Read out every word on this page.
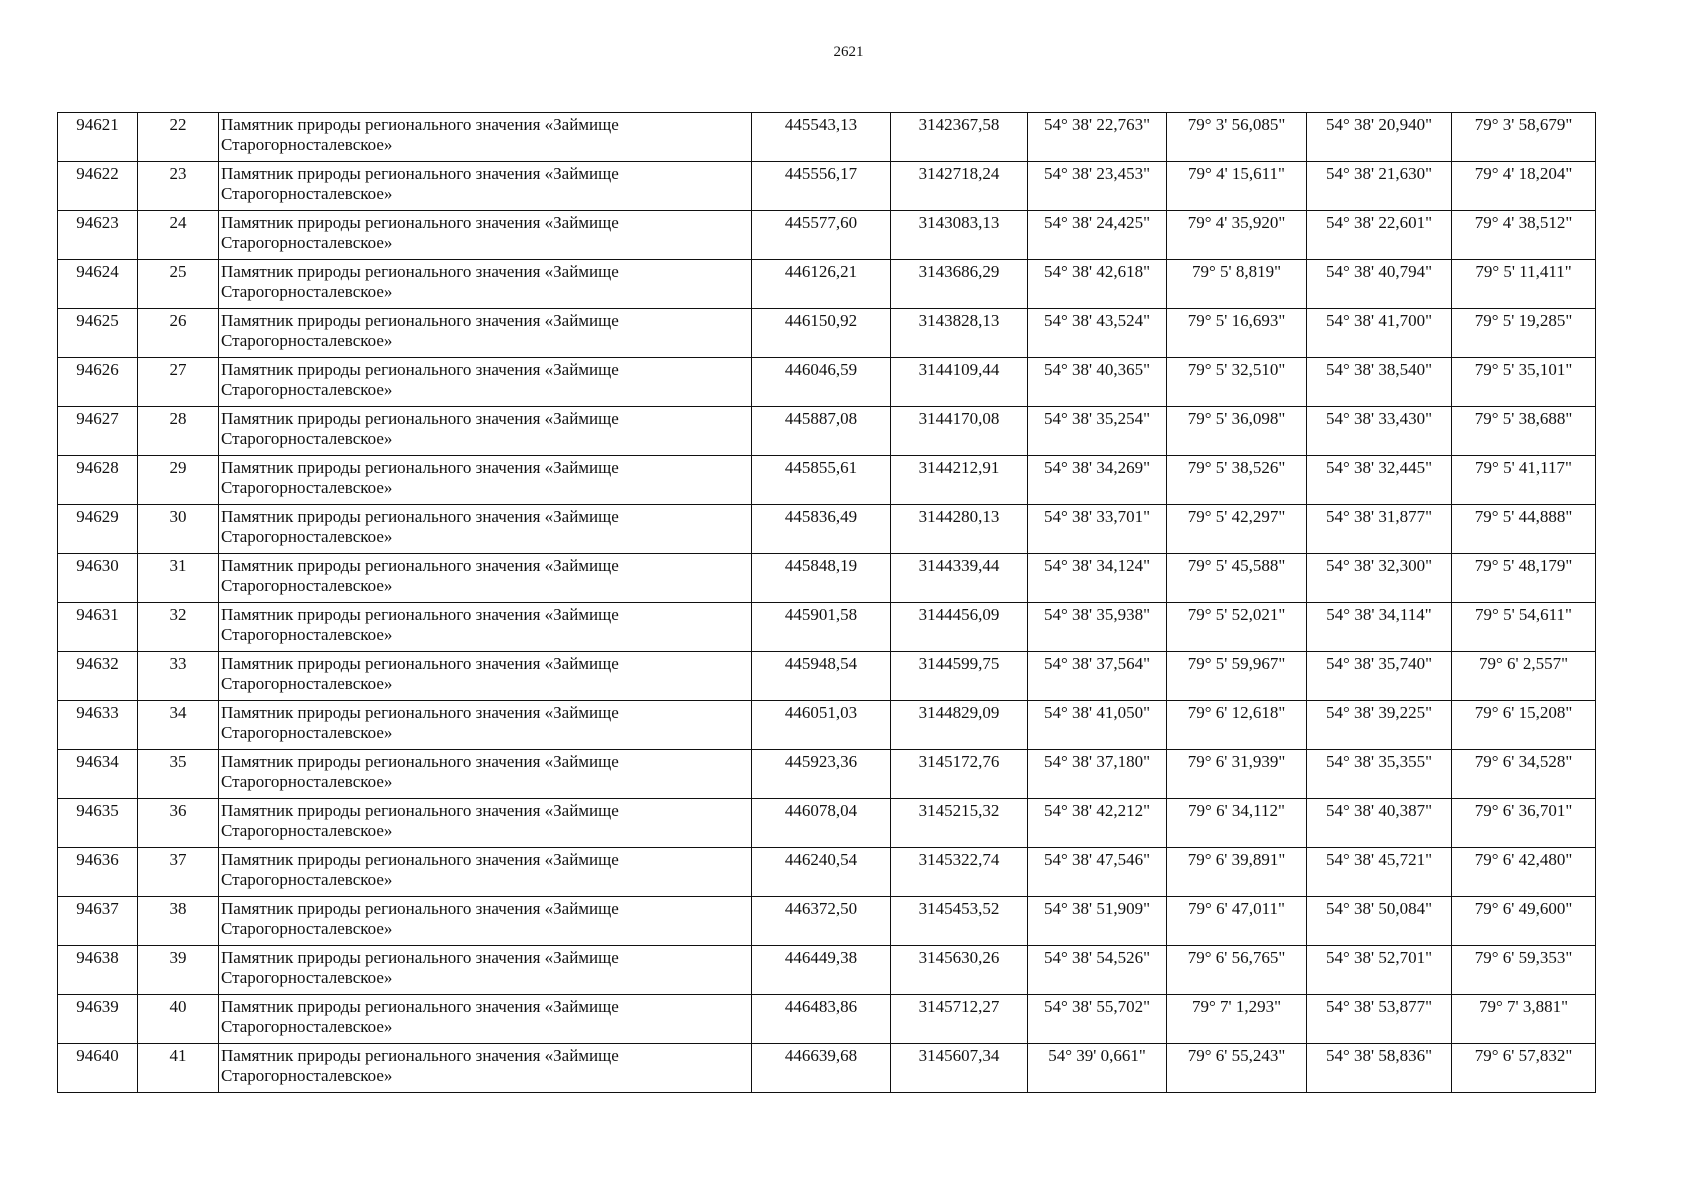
2621
94621	22	Памятник природы регионального значения «Займище Старогорносталевское»	445543,13	3142367,58	54° 38' 22,763"	79° 3' 56,085"	54° 38' 20,940"	79° 3' 58,679"
94622	23	Памятник природы регионального значения «Займище Старогорносталевское»	445556,17	3142718,24	54° 38' 23,453"	79° 4' 15,611"	54° 38' 21,630"	79° 4' 18,204"
94623	24	Памятник природы регионального значения «Займище Старогорносталевское»	445577,60	3143083,13	54° 38' 24,425"	79° 4' 35,920"	54° 38' 22,601"	79° 4' 38,512"
94624	25	Памятник природы регионального значения «Займище Старогорносталевское»	446126,21	3143686,29	54° 38' 42,618"	79° 5' 8,819"	54° 38' 40,794"	79° 5' 11,411"
94625	26	Памятник природы регионального значения «Займище Старогорносталевское»	446150,92	3143828,13	54° 38' 43,524"	79° 5' 16,693"	54° 38' 41,700"	79° 5' 19,285"
94626	27	Памятник природы регионального значения «Займище Старогорносталевское»	446046,59	3144109,44	54° 38' 40,365"	79° 5' 32,510"	54° 38' 38,540"	79° 5' 35,101"
94627	28	Памятник природы регионального значения «Займище Старогорносталевское»	445887,08	3144170,08	54° 38' 35,254"	79° 5' 36,098"	54° 38' 33,430"	79° 5' 38,688"
94628	29	Памятник природы регионального значения «Займище Старогорносталевское»	445855,61	3144212,91	54° 38' 34,269"	79° 5' 38,526"	54° 38' 32,445"	79° 5' 41,117"
94629	30	Памятник природы регионального значения «Займище Старогорносталевское»	445836,49	3144280,13	54° 38' 33,701"	79° 5' 42,297"	54° 38' 31,877"	79° 5' 44,888"
94630	31	Памятник природы регионального значения «Займище Старогорносталевское»	445848,19	3144339,44	54° 38' 34,124"	79° 5' 45,588"	54° 38' 32,300"	79° 5' 48,179"
94631	32	Памятник природы регионального значения «Займище Старогорносталевское»	445901,58	3144456,09	54° 38' 35,938"	79° 5' 52,021"	54° 38' 34,114"	79° 5' 54,611"
94632	33	Памятник природы регионального значения «Займище Старогорносталевское»	445948,54	3144599,75	54° 38' 37,564"	79° 5' 59,967"	54° 38' 35,740"	79° 6' 2,557"
94633	34	Памятник природы регионального значения «Займище Старогорносталевское»	446051,03	3144829,09	54° 38' 41,050"	79° 6' 12,618"	54° 38' 39,225"	79° 6' 15,208"
94634	35	Памятник природы регионального значения «Займище Старогорносталевское»	445923,36	3145172,76	54° 38' 37,180"	79° 6' 31,939"	54° 38' 35,355"	79° 6' 34,528"
94635	36	Памятник природы регионального значения «Займище Старогорносталевское»	446078,04	3145215,32	54° 38' 42,212"	79° 6' 34,112"	54° 38' 40,387"	79° 6' 36,701"
94636	37	Памятник природы регионального значения «Займище Старогорносталевское»	446240,54	3145322,74	54° 38' 47,546"	79° 6' 39,891"	54° 38' 45,721"	79° 6' 42,480"
94637	38	Памятник природы регионального значения «Займище Старогорносталевское»	446372,50	3145453,52	54° 38' 51,909"	79° 6' 47,011"	54° 38' 50,084"	79° 6' 49,600"
94638	39	Памятник природы регионального значения «Займище Старогорносталевское»	446449,38	3145630,26	54° 38' 54,526"	79° 6' 56,765"	54° 38' 52,701"	79° 6' 59,353"
94639	40	Памятник природы регионального значения «Займище Старогорносталевское»	446483,86	3145712,27	54° 38' 55,702"	79° 7' 1,293"	54° 38' 53,877"	79° 7' 3,881"
94640	41	Памятник природы регионального значения «Займище Старогорносталевское»	446639,68	3145607,34	54° 39' 0,661"	79° 6' 55,243"	54° 38' 58,836"	79° 6' 57,832"
